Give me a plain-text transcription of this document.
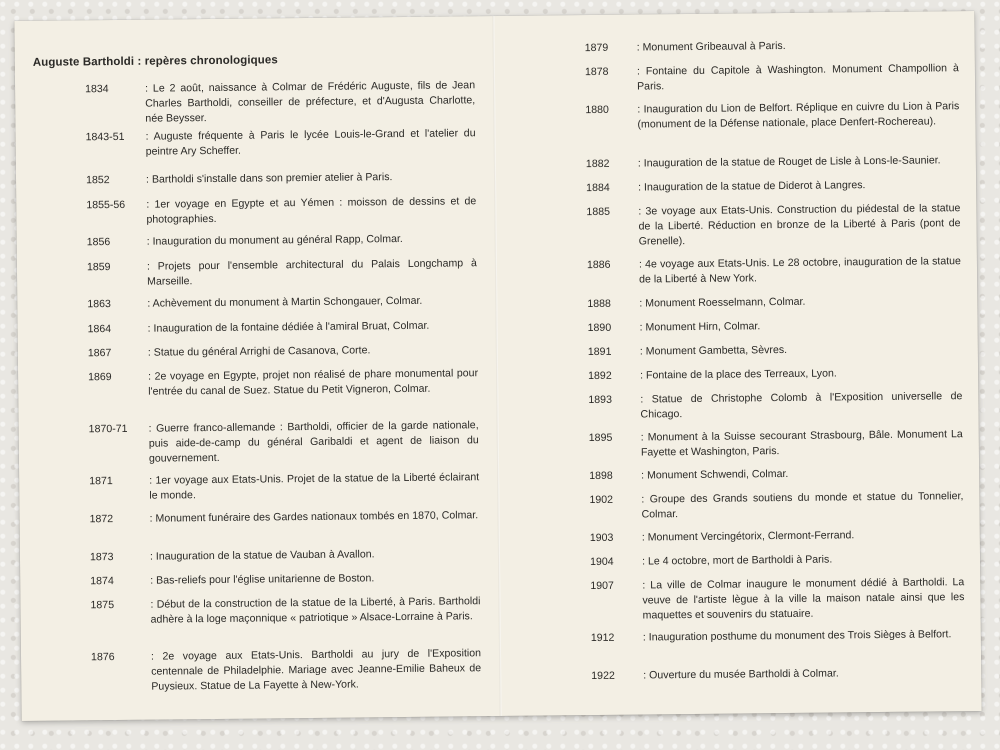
Auguste Bartholdi : repères chronologiques
1834	: Le 2 août, naissance à Colmar de Frédéric Auguste, fils de Jean Charles Bartholdi, conseiller de préfecture, et d'Augusta Charlotte, née Beysser.
1843-51	: Auguste fréquente à Paris le lycée Louis-le-Grand et l'atelier du peintre Ary Scheffer.
1852	: Bartholdi s'installe dans son premier atelier à Paris.
1855-56	: 1er voyage en Egypte et au Yémen : moisson de dessins et de photographies.
1856	: Inauguration du monument au général Rapp, Colmar.
1859	: Projets pour l'ensemble architectural du Palais Longchamp à Marseille.
1863	: Achèvement du monument à Martin Schongauer, Colmar.
1864	: Inauguration de la fontaine dédiée à l'amiral Bruat, Colmar.
1867	: Statue du général Arrighi de Casanova, Corte.
1869	: 2e voyage en Egypte, projet non réalisé de phare monumental pour l'entrée du canal de Suez. Statue du Petit Vigneron, Colmar.
1870-71	: Guerre franco-allemande : Bartholdi, officier de la garde nationale, puis aide-de-camp du général Garibaldi et agent de liaison du gouvernement.
1871	: 1er voyage aux Etats-Unis. Projet de la statue de la Liberté éclairant le monde.
1872	: Monument funéraire des Gardes nationaux tombés en 1870, Colmar.
1873	: Inauguration de la statue de Vauban à Avallon.
1874	: Bas-reliefs pour l'église unitarienne de Boston.
1875	: Début de la construction de la statue de la Liberté, à Paris. Bartholdi adhère à la loge maçonnique « patriotique » Alsace-Lorraine à Paris.
1876	: 2e voyage aux Etats-Unis. Bartholdi au jury de l'Exposition centennale de Philadelphie. Mariage avec Jeanne-Emilie Baheux de Puysieux. Statue de La Fayette à New-York.
1879	: Monument Gribeauval à Paris.
1878	: Fontaine du Capitole à Washington. Monument Champollion à Paris.
1880	: Inauguration du Lion de Belfort. Réplique en cuivre du Lion à Paris (monument de la Défense nationale, place Denfert-Rochereau).
1882	: Inauguration de la statue de Rouget de Lisle à Lons-le-Saunier.
1884	: Inauguration de la statue de Diderot à Langres.
1885	: 3e voyage aux Etats-Unis. Construction du piédestal de la statue de la Liberté. Réduction en bronze de la Liberté à Paris (pont de Grenelle).
1886	: 4e voyage aux Etats-Unis. Le 28 octobre, inauguration de la statue de la Liberté à New York.
1888	: Monument Roesselmann, Colmar.
1890	: Monument Hirn, Colmar.
1891	: Monument Gambetta, Sèvres.
1892	: Fontaine de la place des Terreaux, Lyon.
1893	: Statue de Christophe Colomb à l'Exposition universelle de Chicago.
1895	: Monument à la Suisse secourant Strasbourg, Bâle. Monument La Fayette et Washington, Paris.
1898	: Monument Schwendi, Colmar.
1902	: Groupe des Grands soutiens du monde et statue du Tonnelier, Colmar.
1903	: Monument Vercingétorix, Clermont-Ferrand.
1904	: Le 4 octobre, mort de Bartholdi à Paris.
1907	: La ville de Colmar inaugure le monument dédié à Bartholdi. La veuve de l'artiste lègue à la ville la maison natale ainsi que les maquettes et souvenirs du statuaire.
1912	: Inauguration posthume du monument des Trois Sièges à Belfort.
1922	: Ouverture du musée Bartholdi à Colmar.
